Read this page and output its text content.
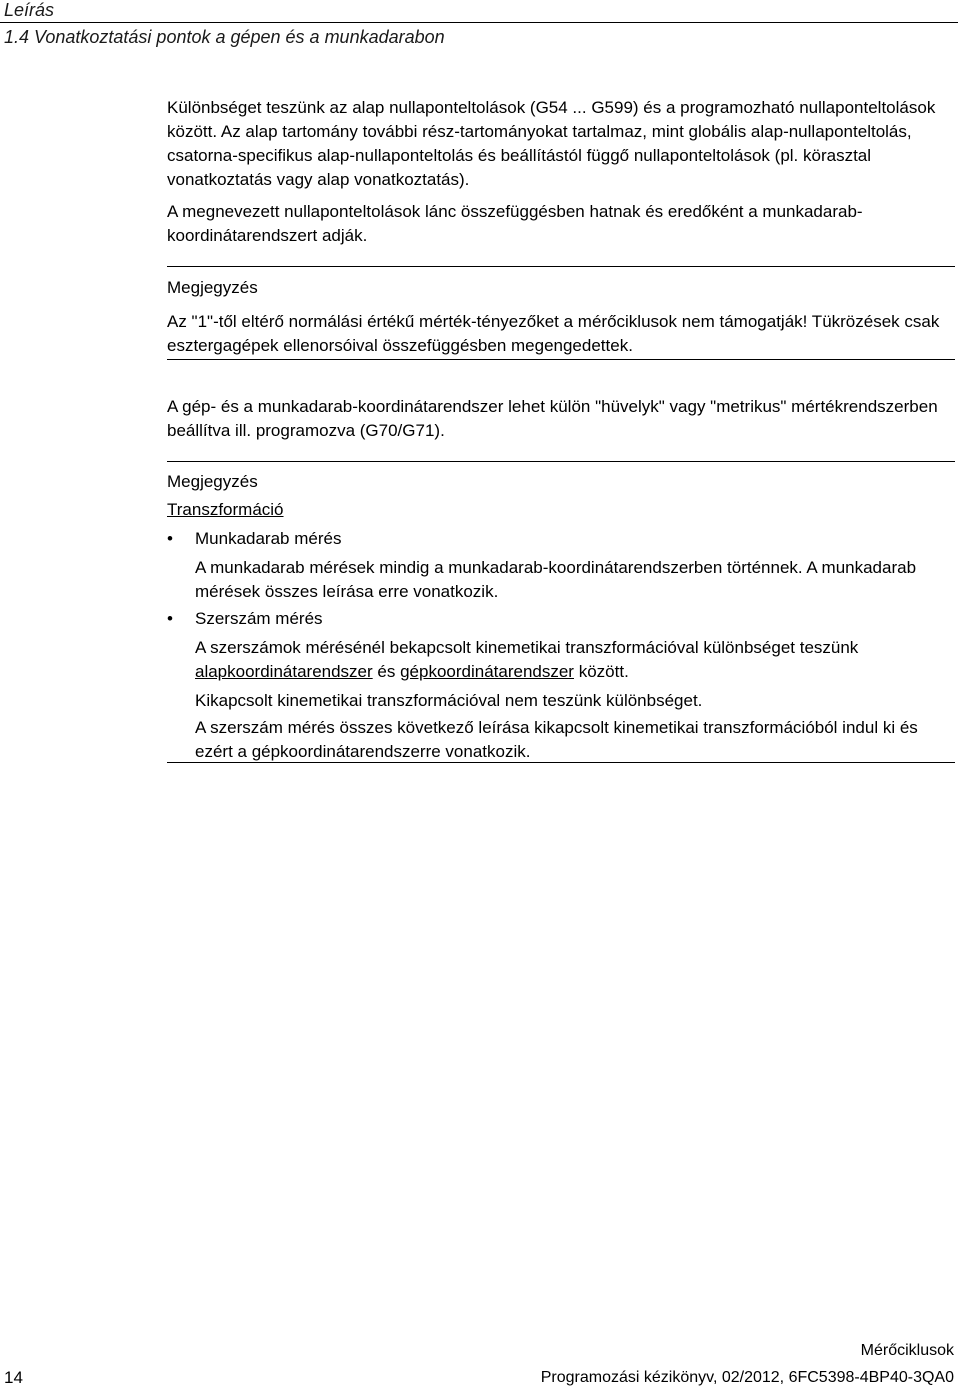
Leírás
1.4 Vonatkoztatási pontok a gépen és a munkadarabon

Különbséget teszünk az alap nullaponteltolások (G54 ... G599) és a programozható nullaponteltolások között. Az alap tartomány további rész-tartományokat tartalmaz, mint globális alap-nullaponteltolás, csatorna-specifikus alap-nullaponteltolás és beállítástól függő nullaponteltolások (pl. körasztal vonatkoztatás vagy alap vonatkoztatás).

A megnevezett nullaponteltolások lánc összefüggésben hatnak és eredőként a munkadarab-koordinátarendszert adják.

Megjegyzés

Az "1"-től eltérő normálási értékű mérték-tényezőket a mérőciklusok nem támogatják! Tükrözések csak esztergagépek ellenorsóival összefüggésben megengedettek.

A gép- és a munkadarab-koordinátarendszer lehet külön "hüvelyk" vagy "metrikus" mértékrendszerben beállítva ill. programozva (G70/G71).

Megjegyzés

Transzformáció

• Munkadarab mérés

A munkadarab mérések mindig a munkadarab-koordinátarendszerben történnek. A munkadarab mérések összes leírása erre vonatkozik.

• Szerszám mérés

A szerszámok mérésénél bekapcsolt kinemetikai transzformációval különbséget teszünk alapkoordinátarendszer és gépkoordinátarendszer között.

Kikapcsolt kinemetikai transzformációval nem teszünk különbséget.

A szerszám mérés összes következő leírása kikapcsolt kinemetikai transzformációból indul ki és ezért a gépkoordinátarendszerre vonatkozik.

14
Mérőciklusok
Programozási kézikönyv, 02/2012, 6FC5398-4BP40-3QA0
